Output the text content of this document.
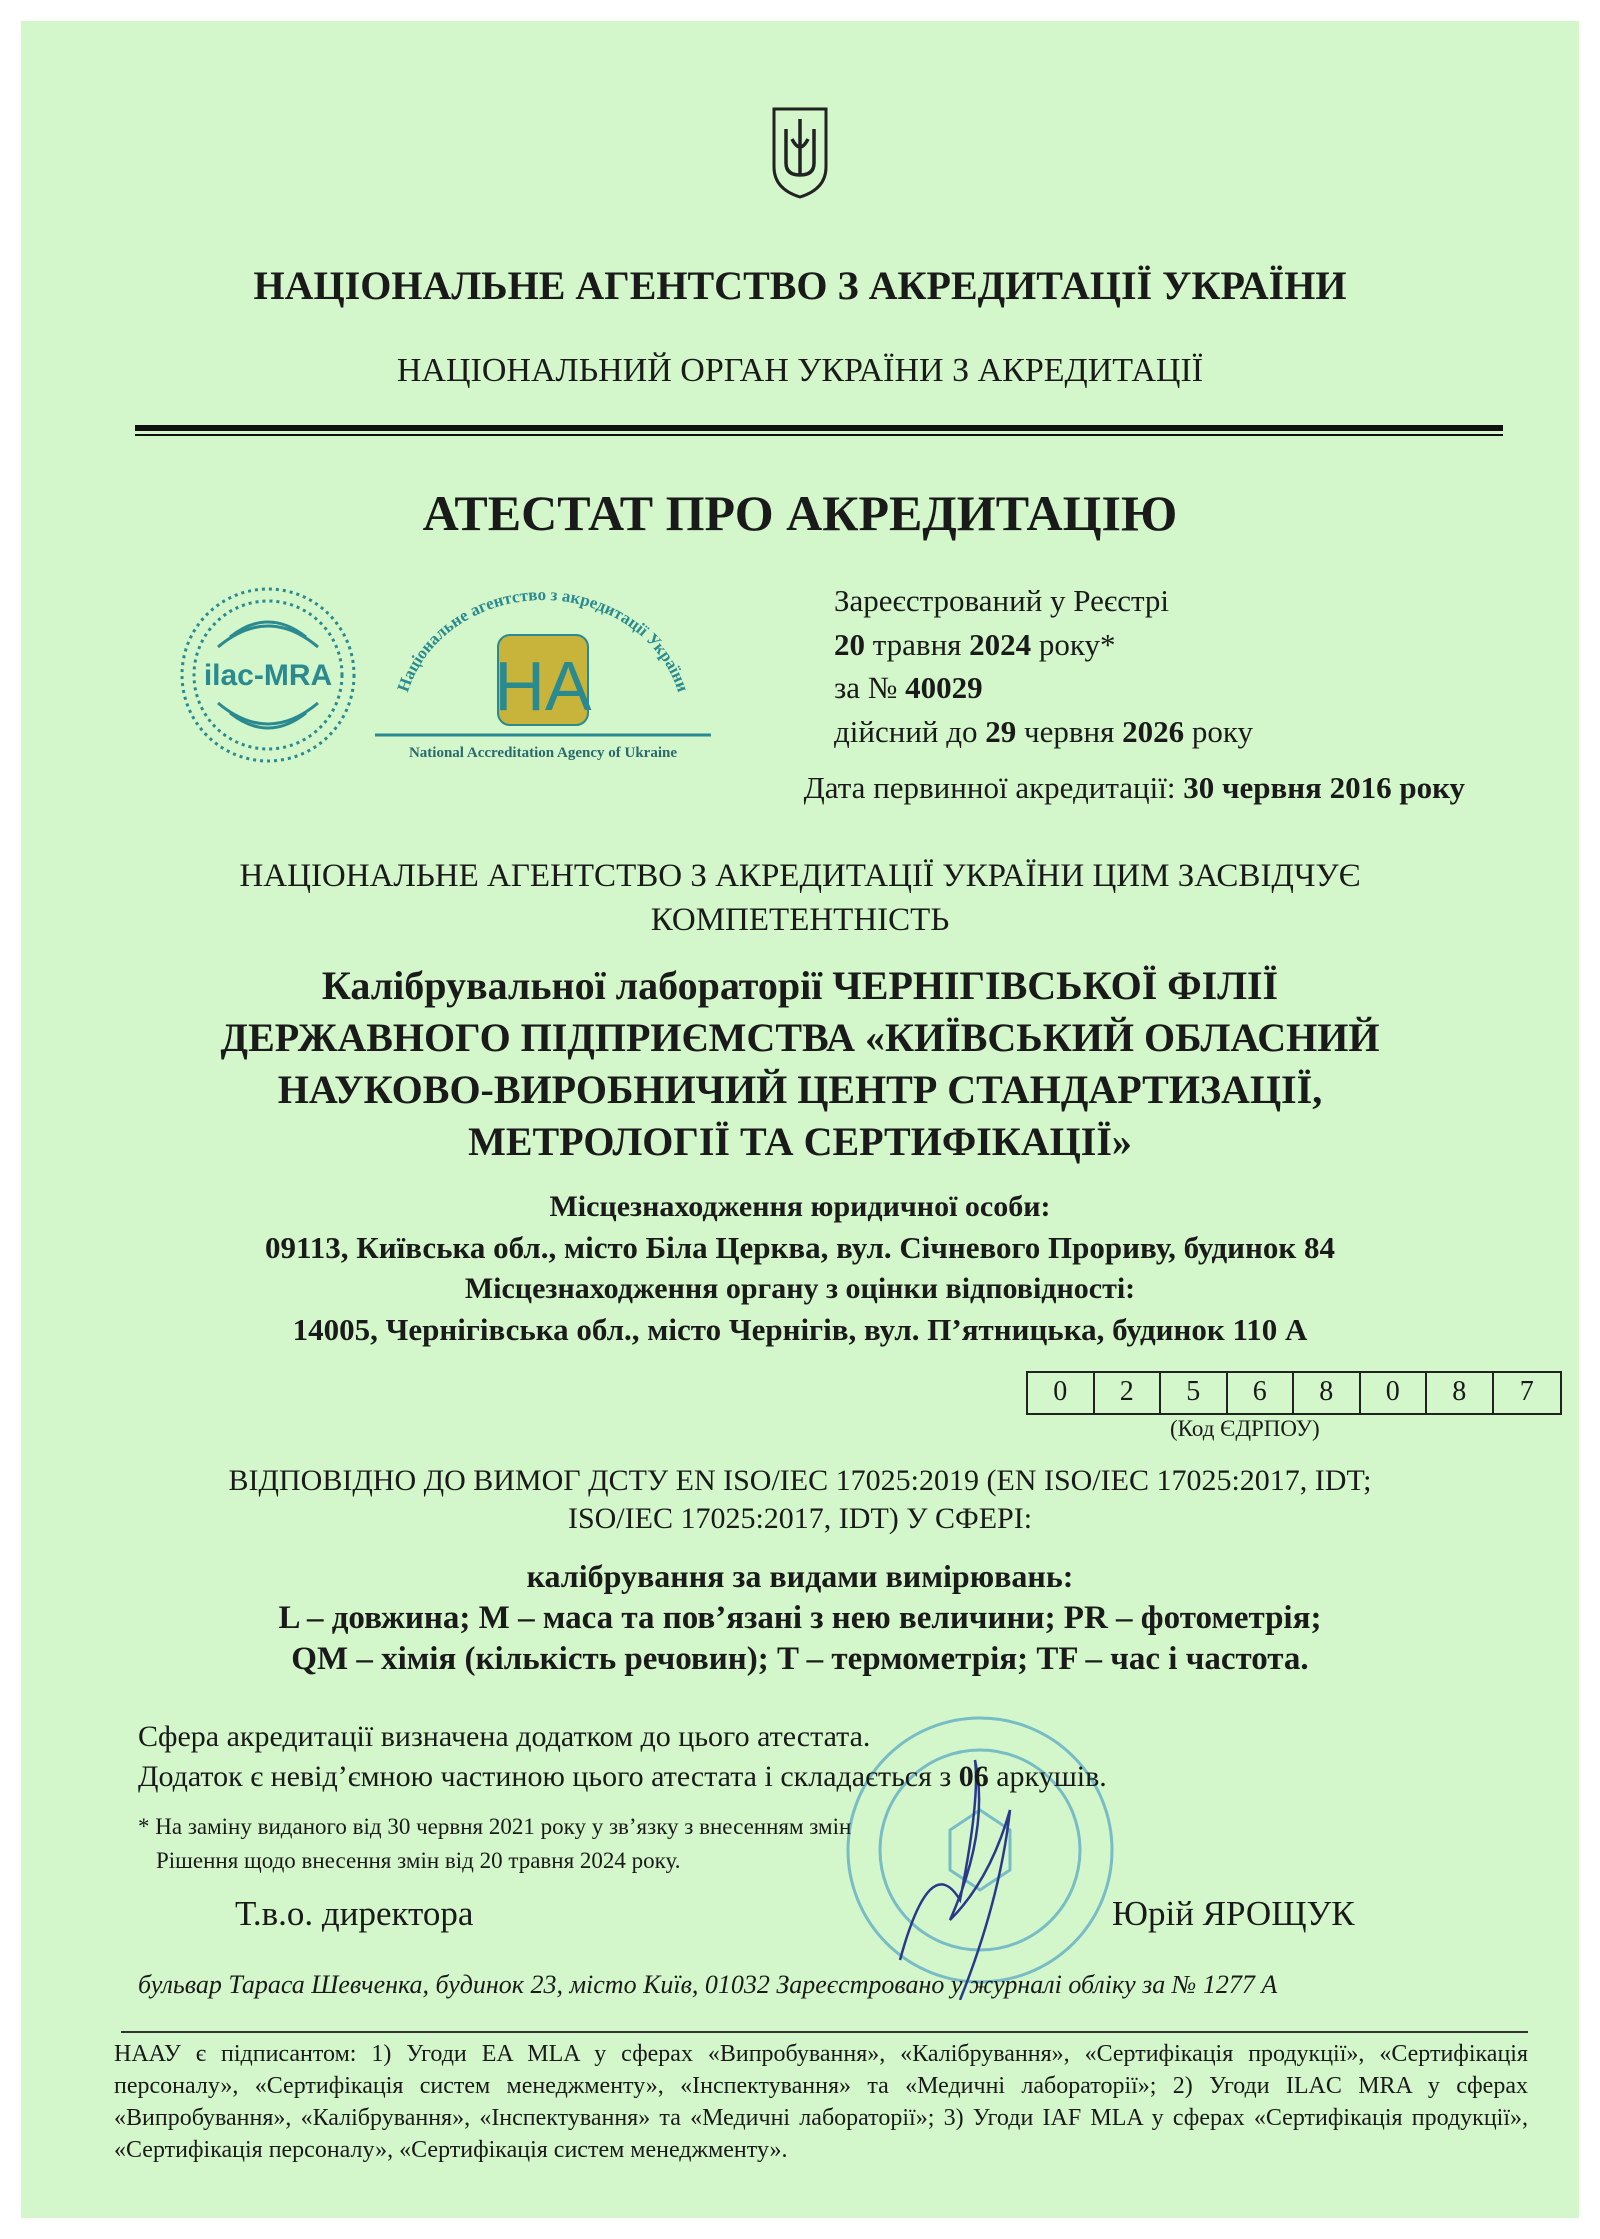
НАЦІОНАЛЬНЕ АГЕНТСТВО З АКРЕДИТАЦІЇ УКРАЇНИ
НАЦІОНАЛЬНИЙ ОРГАН УКРАЇНИ З АКРЕДИТАЦІЇ
АТЕСТАТ ПРО АКРЕДИТАЦІЮ
ilac-MRA	Національне агентство з акредитації України
НА
National Accreditation Agency of Ukraine
Зареєстрований у Реєстрі
20 травня 2024 року*
за № 40029
дійсний до 29 червня 2026 року
Дата первинної акредитації: 30 червня 2016 року
НАЦІОНАЛЬНЕ АГЕНТСТВО З АКРЕДИТАЦІЇ УКРАЇНИ ЦИМ ЗАСВІДЧУЄ
КОМПЕТЕНТНІСТЬ
Калібрувальної лабораторії ЧЕРНІГІВСЬКОЇ ФІЛІЇ
ДЕРЖАВНОГО ПІДПРИЄМСТВА «КИЇВСЬКИЙ ОБЛАСНИЙ
НАУКОВО-ВИРОБНИЧИЙ ЦЕНТР СТАНДАРТИЗАЦІЇ,
МЕТРОЛОГІЇ ТА СЕРТИФІКАЦІЇ»
Місцезнаходження юридичної особи:
09113, Київська обл., місто Біла Церква, вул. Січневого Прориву, будинок 84
Місцезнаходження органу з оцінки відповідності:
14005, Чернігівська обл., місто Чернігів, вул. П’ятницька, будинок 110 А
0	2	5	6	8	0	8	7
(Код ЄДРПОУ)
ВІДПОВІДНО ДО ВИМОГ ДСТУ EN ISO/IEC 17025:2019 (EN ISO/IEC 17025:2017, IDT;
ISO/IEC 17025:2017, IDT) У СФЕРІ:
калібрування за видами вимірювань:
L – довжина; M – маса та пов’язані з нею величини; PR – фотометрія;
QM – хімія (кількість речовин); T – термометрія; TF – час і частота.
Сфера акредитації визначена додатком до цього атестата.
Додаток є невід’ємною частиною цього атестата і складається з 06 аркушів.
* На заміну виданого від 30 червня 2021 року у зв’язку з внесенням змін
Рішення щодо внесення змін від 20 травня 2024 року.
Т.в.о. директора	Юрій ЯРОЩУК
бульвар Тараса Шевченка, будинок 23, місто Київ, 01032 Зареєстровано у журналі обліку за № 1277 А
НААУ є підписантом: 1) Угоди EA MLA у сферах «Випробування», «Калібрування», «Сертифікація продукції», «Сертифікація персоналу», «Сертифікація систем менеджменту», «Інспектування» та «Медичні лабораторії»; 2) Угоди ILAC MRA у сферах «Випробування», «Калібрування», «Інспектування» та «Медичні лабораторії»; 3) Угоди IAF MLA у сферах «Сертифікація продукції», «Сертифікація персоналу», «Сертифікація систем менеджменту».
